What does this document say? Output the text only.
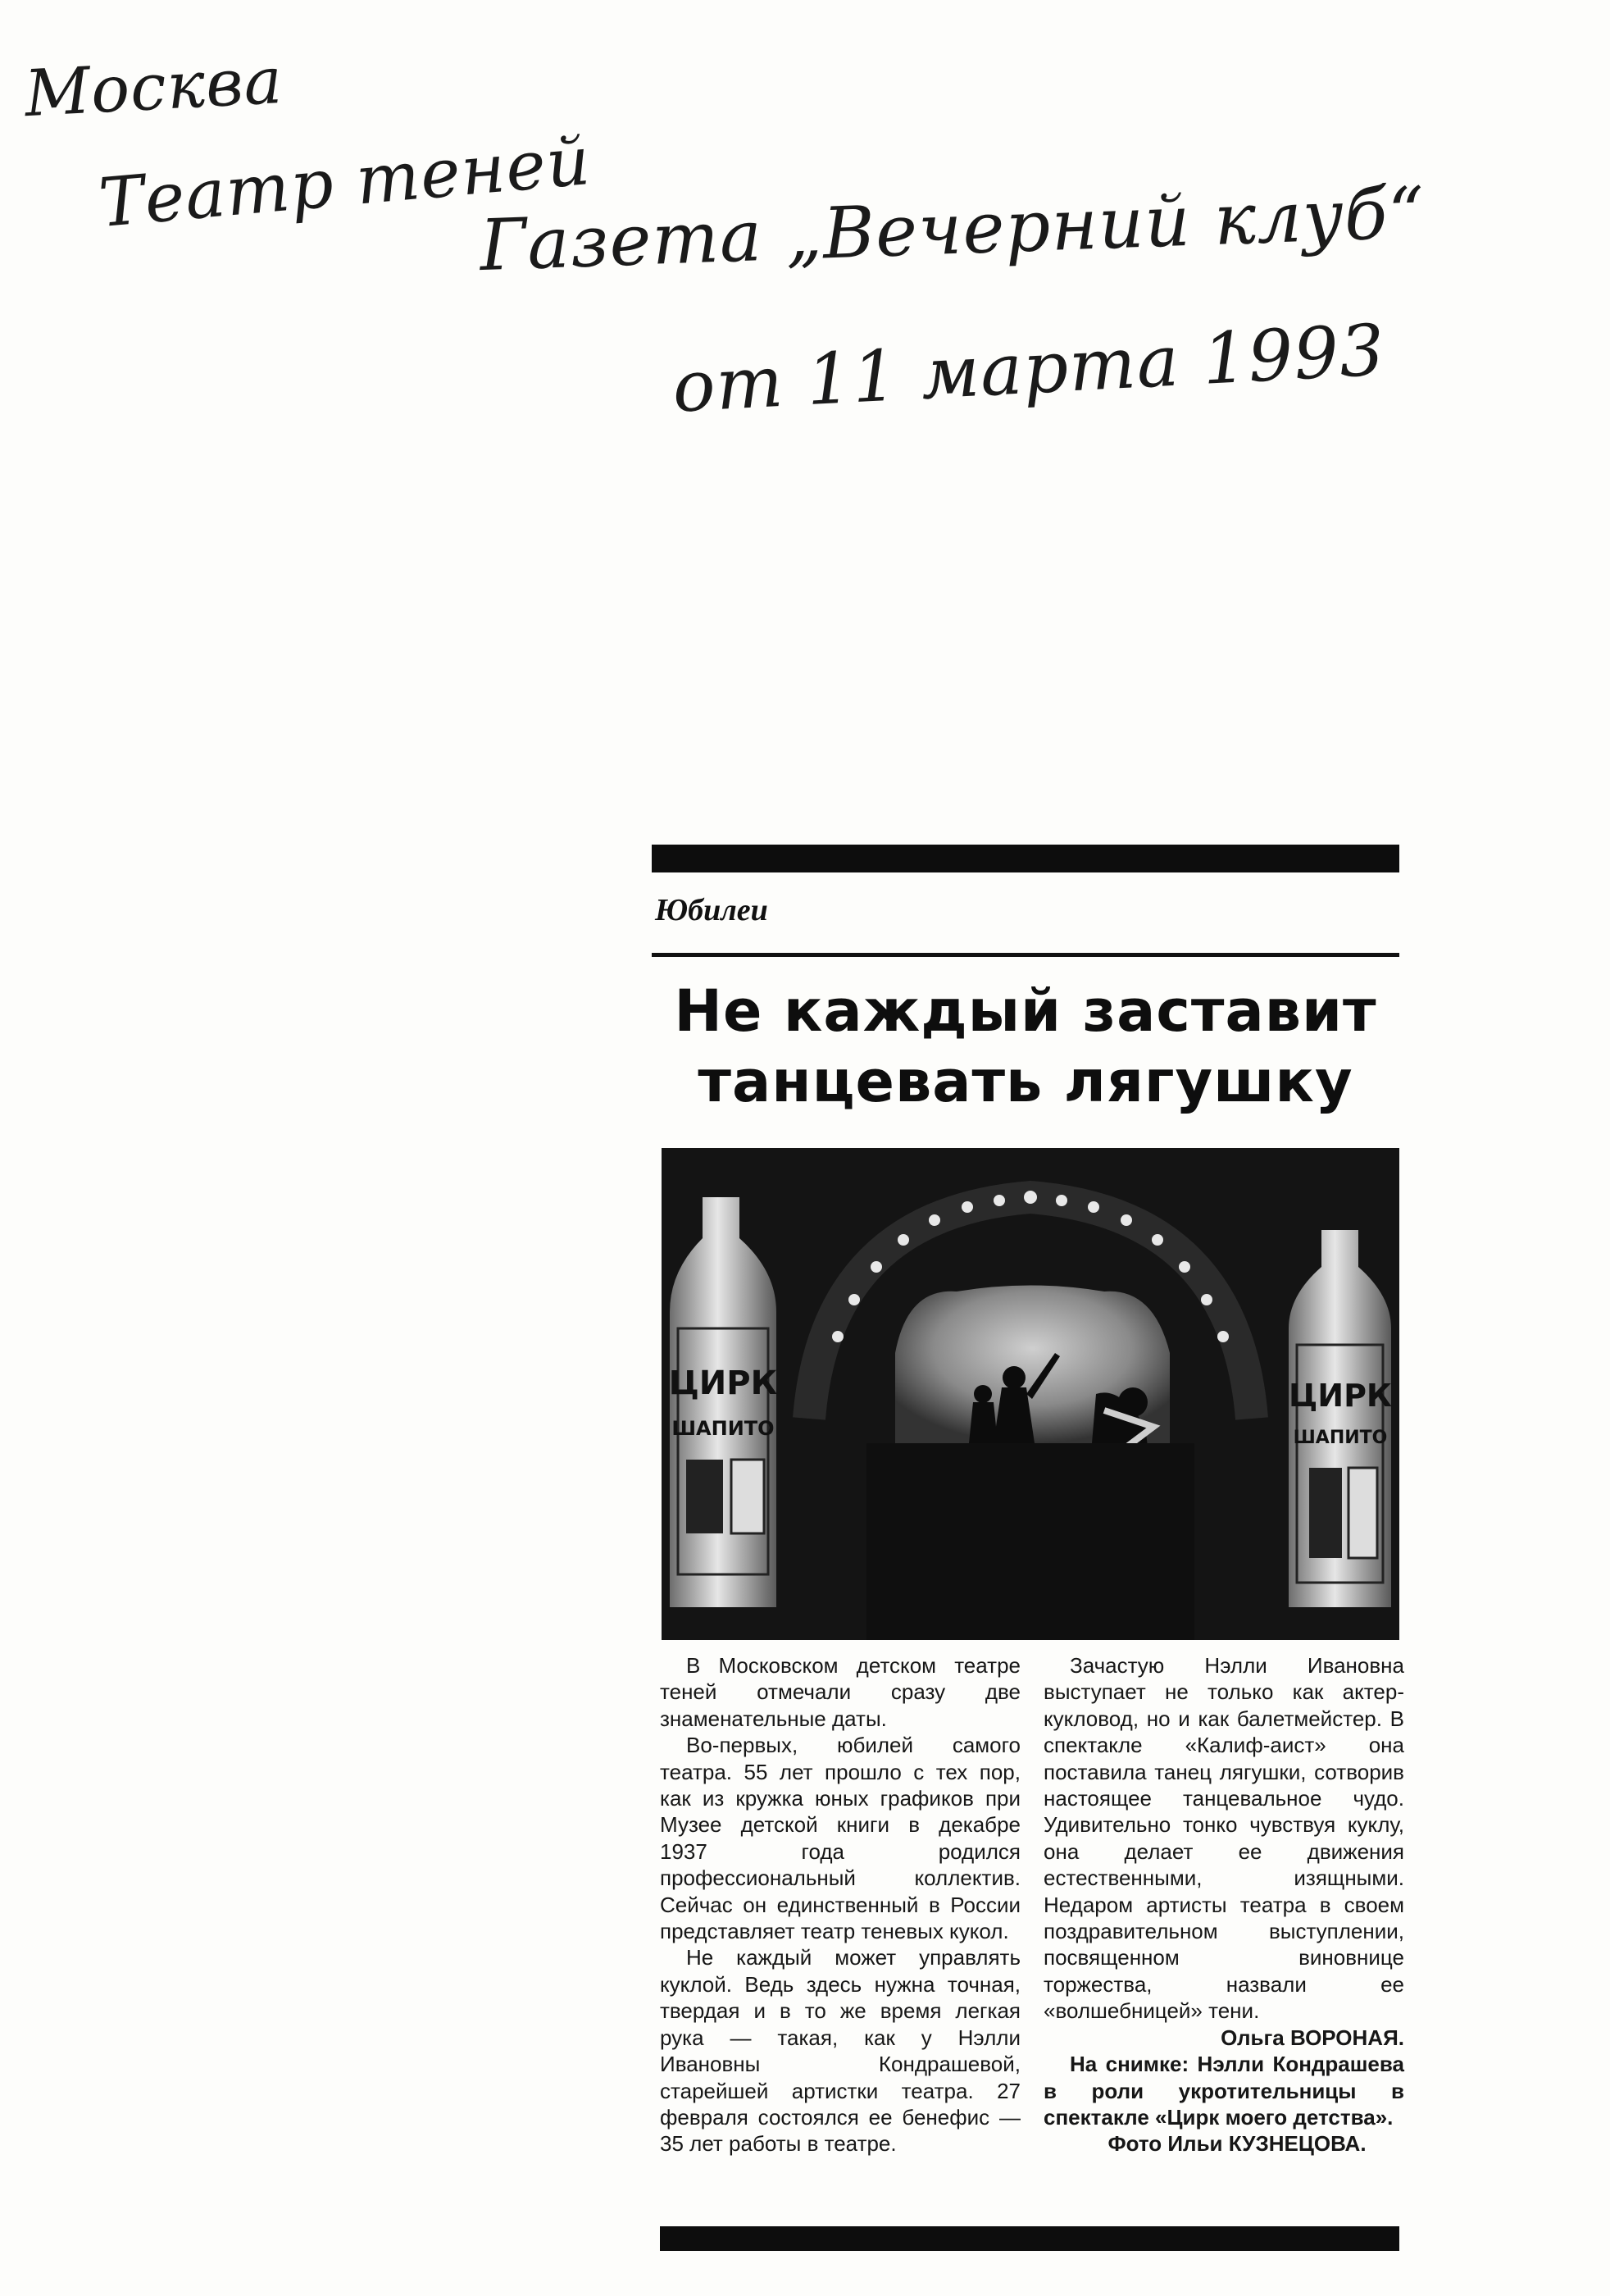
Москва
Театр теней
Газета „Вечерний клуб“
от 11 марта 1993
Юбилеи
Не каждый заставит
танцевать лягушку
ЦИРК
ШАПИТО
ЦИРК
ШАПИТО

В Московском детском театре теней отмечали сразу две знаменательные даты.

Во-первых, юбилей самого театра. 55 лет прошло с тех пор, как из кружка юных графиков при Музее детской книги в декабре 1937 года родился профессиональный коллектив. Сейчас он единственный в России представляет театр теневых кукол.

Не каждый может управлять куклой. Ведь здесь нужна точная, твердая и в то же время легкая рука — такая, как у Нэлли Ивановны Кондрашевой, старейшей артистки театра. 27 февраля состоялся ее бенефис — 35 лет работы в театре.

Зачастую Нэлли Ивановна выступает не только как актер-кукловод, но и как балетмейстер. В спектакле «Калиф-аист» она поставила танец лягушки, сотворив настоящее танцевальное чудо. Удивительно тонко чувствуя куклу, она делает ее движения естественными, изящными. Недаром артисты театра в своем поздравительном выступлении, посвященном виновнице торжества, назвали ее «волшебницей» тени.

Ольга ВОРОНАЯ.

На снимке: Нэлли Кондрашева в роли укротительницы в спектакле «Цирк моего детства».

Фото Ильи КУЗНЕЦОВА.
